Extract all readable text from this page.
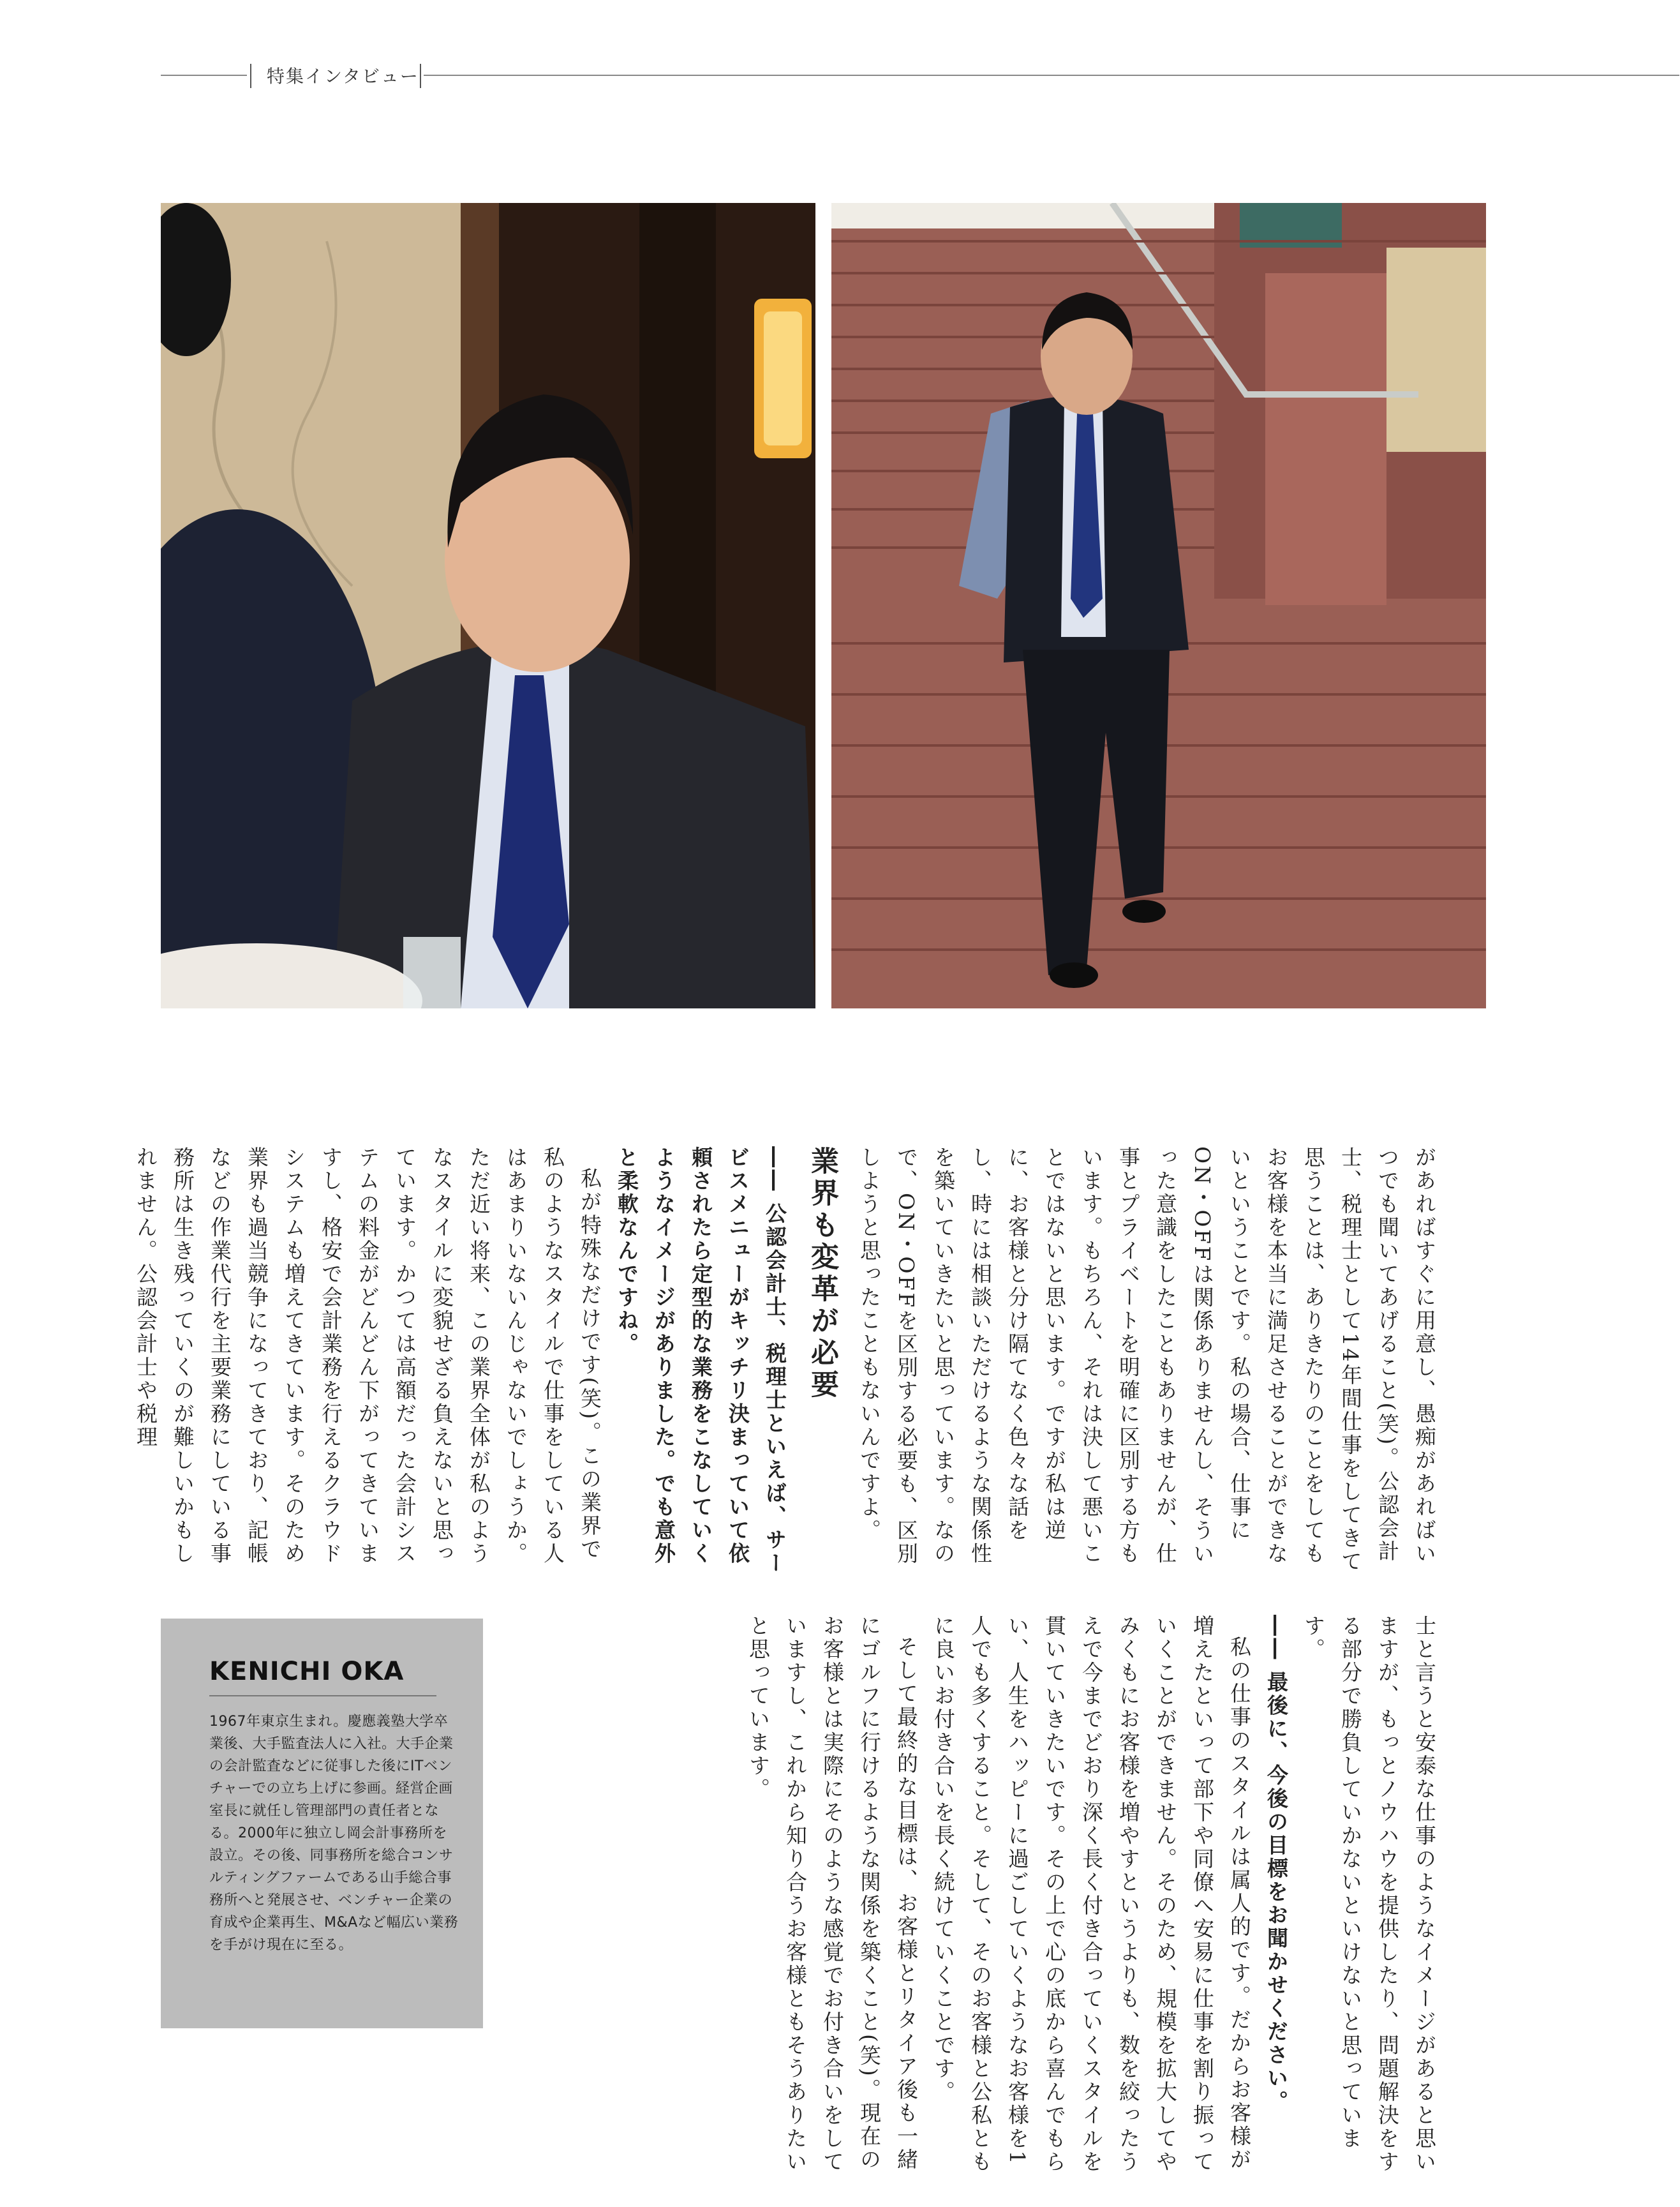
特集インタビュー

があればすぐに用意し、愚痴があればいつでも聞いてあげること(笑)。公認会計士、税理士として14年間仕事をしてきて思うことは、ありきたりのことをしてもお客様を本当に満足させることができないということです。私の場合、仕事にON・OFFは関係ありませんし、そういった意識をしたこともありませんが、仕事とプライベートを明確に区別する方もいます。もちろん、それは決して悪いことではないと思います。ですが私は逆に、お客様と分け隔てなく色々な話をし、時には相談いただけるような関係性を築いていきたいと思っています。なので、ON・OFFを区別する必要も、区別しようと思ったこともないんですよ。

業界も変革が必要

―― 公認会計士、税理士といえば、サービスメニューがキッチリ決まっていて依頼されたら定型的な業務をこなしていくようなイメージがありました。でも意外と柔軟なんですね。

私が特殊なだけです(笑)。この業界で私のようなスタイルで仕事をしている人はあまりいないんじゃないでしょうか。ただ近い将来、この業界全体が私のようなスタイルに変貌せざる負えないと思っています。かつては高額だった会計システムの料金がどんどん下がってきていますし、格安で会計業務を行えるクラウドシステムも増えてきています。そのため業界も過当競争になってきており、記帳などの作業代行を主要業務にしている事務所は生き残っていくのが難しいかもしれません。公認会計士や税理

士と言うと安泰な仕事のようなイメージがあると思いますが、もっとノウハウを提供したり、問題解決をする部分で勝負していかないといけないと思っています。

―― 最後に、今後の目標をお聞かせください。

私の仕事のスタイルは属人的です。だからお客様が増えたといって部下や同僚へ安易に仕事を割り振っていくことができません。そのため、規模を拡大してやみくもにお客様を増やすというよりも、数を絞ったうえで今までどおり深く長く付き合っていくスタイルを貫いていきたいです。その上で心の底から喜んでもらい、人生をハッピーに過ごしていくようなお客様を1人でも多くすること。そして、そのお客様と公私ともに良いお付き合いを長く続けていくことです。

そして最終的な目標は、お客様とリタイア後も一緒にゴルフに行けるような関係を築くこと(笑)。現在のお客様とは実際にそのような感覚でお付き合いをしていますし、これから知り合うお客様ともそうありたいと思っています。

KENICHI OKA
1967年東京生まれ。慶應義塾大学卒業後、大手監査法人に入社。大手企業の会計監査などに従事した後にITベンチャーでの立ち上げに参画。経営企画室長に就任し管理部門の責任者となる。2000年に独立し岡会計事務所を設立。その後、同事務所を総合コンサルティングファームである山手総合事務所へと発展させ、ベンチャー企業の育成や企業再生、M&Aなど幅広い業務を手がけ現在に至る。
